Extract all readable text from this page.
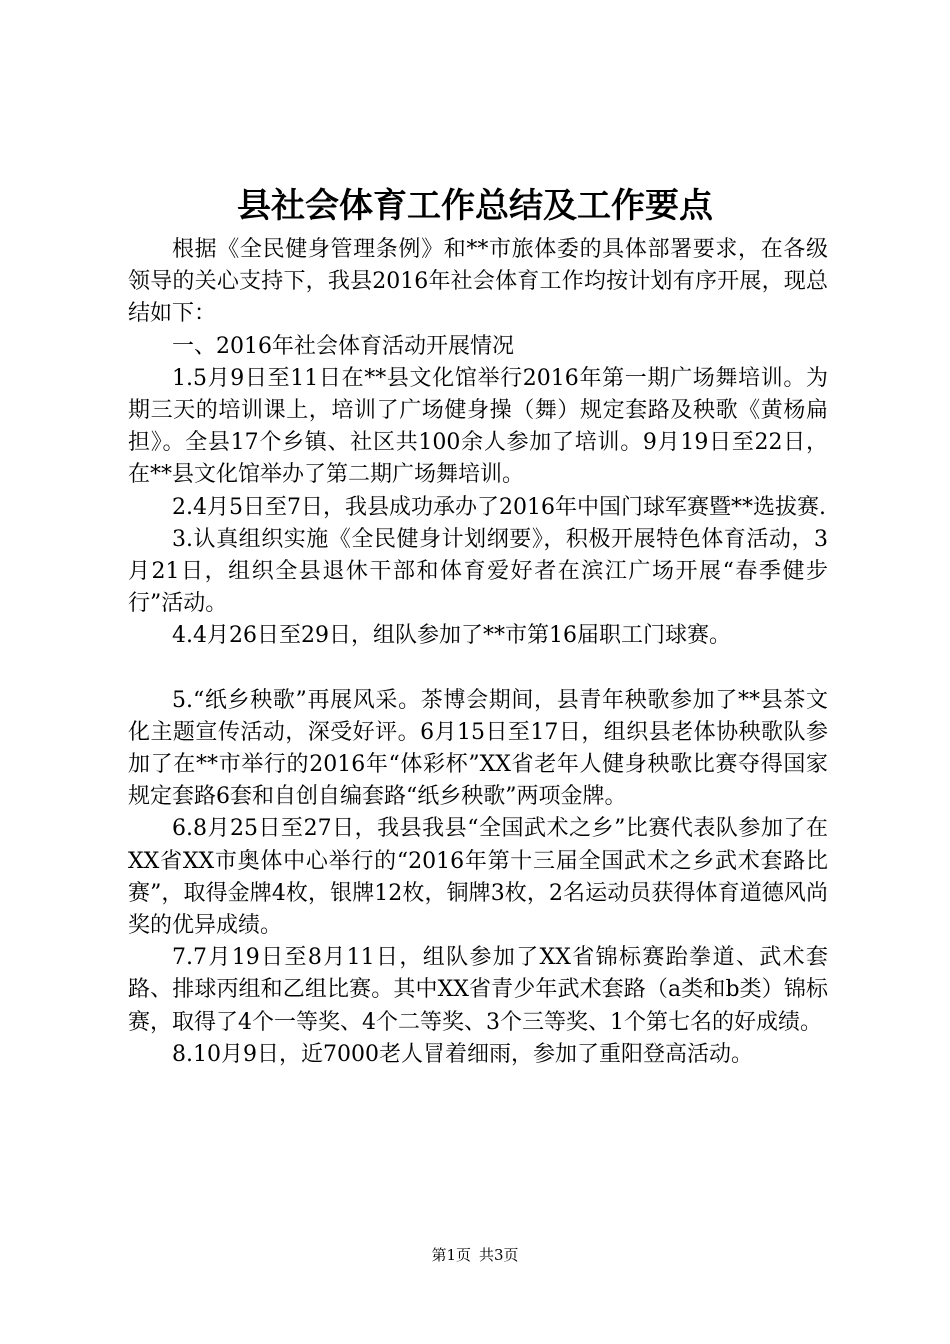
县社会体育工作总结及工作要点

根据《全民健身管理条例》和**市旅体委的具体部署要求，在各级领导的关心支持下，我县2016年社会体育工作均按计划有序开展，现总结如下：

一、2016年社会体育活动开展情况

1.5月9日至11日在**县文化馆举行2016年第一期广场舞培训。为期三天的培训课上，培训了广场健身操（舞）规定套路及秧歌《黄杨扁担》。全县17个乡镇、社区共100余人参加了培训。9月19日至22日，在**县文化馆举办了第二期广场舞培训。

2.4月5日至7日，我县成功承办了2016年中国门球军赛暨**选拔赛.

3.认真组织实施《全民健身计划纲要》，积极开展特色体育活动，3月21日，组织全县退休干部和体育爱好者在滨江广场开展“春季健步行”活动。

4.4月26日至29日，组队参加了**市第16届职工门球赛。

5.“纸乡秧歌”再展风采。茶博会期间，县青年秧歌参加了**县茶文化主题宣传活动，深受好评。6月15日至17日，组织县老体协秧歌队参加了在**市举行的2016年“体彩杯”XX省老年人健身秧歌比赛夺得国家规定套路6套和自创自编套路“纸乡秧歌”两项金牌。

6.8月25日至27日，我县我县“全国武术之乡”比赛代表队参加了在XX省XX市奥体中心举行的“2016年第十三届全国武术之乡武术套路比赛”，取得金牌4枚，银牌12枚，铜牌3枚，2名运动员获得体育道德风尚奖的优异成绩。

7.7月19日至8月11日，组队参加了XX省锦标赛跆拳道、武术套路、排球丙组和乙组比赛。其中XX省青少年武术套路（a类和b类）锦标赛，取得了4个一等奖、4个二等奖、3个三等奖、1个第七名的好成绩。

8.10月9日，近7000老人冒着细雨，参加了重阳登高活动。

第1页 共3页
